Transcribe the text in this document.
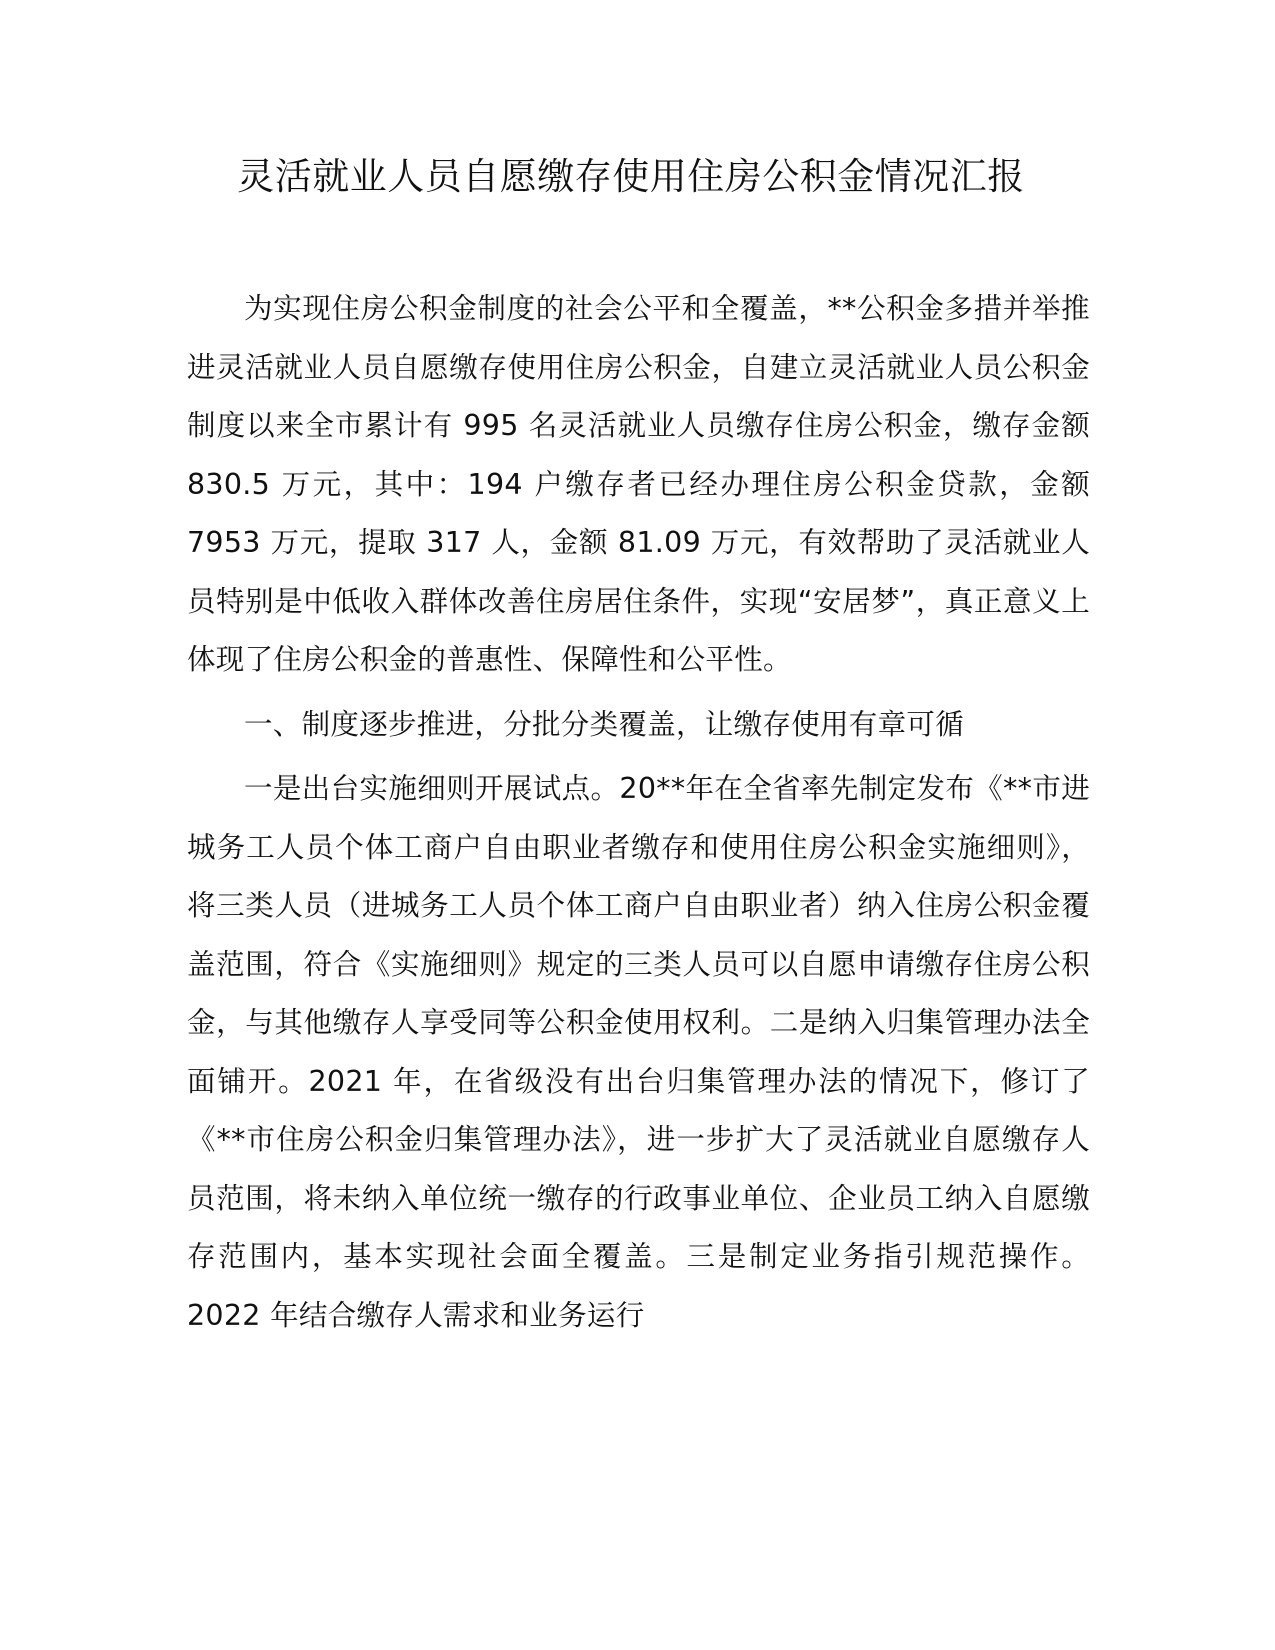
灵活就业人员自愿缴存使用住房公积金情况汇报

为实现住房公积金制度的社会公平和全覆盖，**公积金多措并举推进灵活就业人员自愿缴存使用住房公积金，自建立灵活就业人员公积金制度以来全市累计有 995 名灵活就业人员缴存住房公积金，缴存金额 830.5 万元，其中：194 户缴存者已经办理住房公积金贷款，金额 7953 万元，提取 317 人，金额 81.09 万元，有效帮助了灵活就业人员特别是中低收入群体改善住房居住条件，实现“安居梦”，真正意义上体现了住房公积金的普惠性、保障性和公平性。

一、制度逐步推进，分批分类覆盖，让缴存使用有章可循

一是出台实施细则开展试点。20**年在全省率先制定发布《**市进城务工人员个体工商户自由职业者缴存和使用住房公积金实施细则》，将三类人员（进城务工人员个体工商户自由职业者）纳入住房公积金覆盖范围，符合《实施细则》规定的三类人员可以自愿申请缴存住房公积金，与其他缴存人享受同等公积金使用权利。二是纳入归集管理办法全面铺开。2021 年，在省级没有出台归集管理办法的情况下，修订了《**市住房公积金归集管理办法》，进一步扩大了灵活就业自愿缴存人员范围，将未纳入单位统一缴存的行政事业单位、企业员工纳入自愿缴存范围内，基本实现社会面全覆盖。三是制定业务指引规范操作。2022 年结合缴存人需求和业务运行
